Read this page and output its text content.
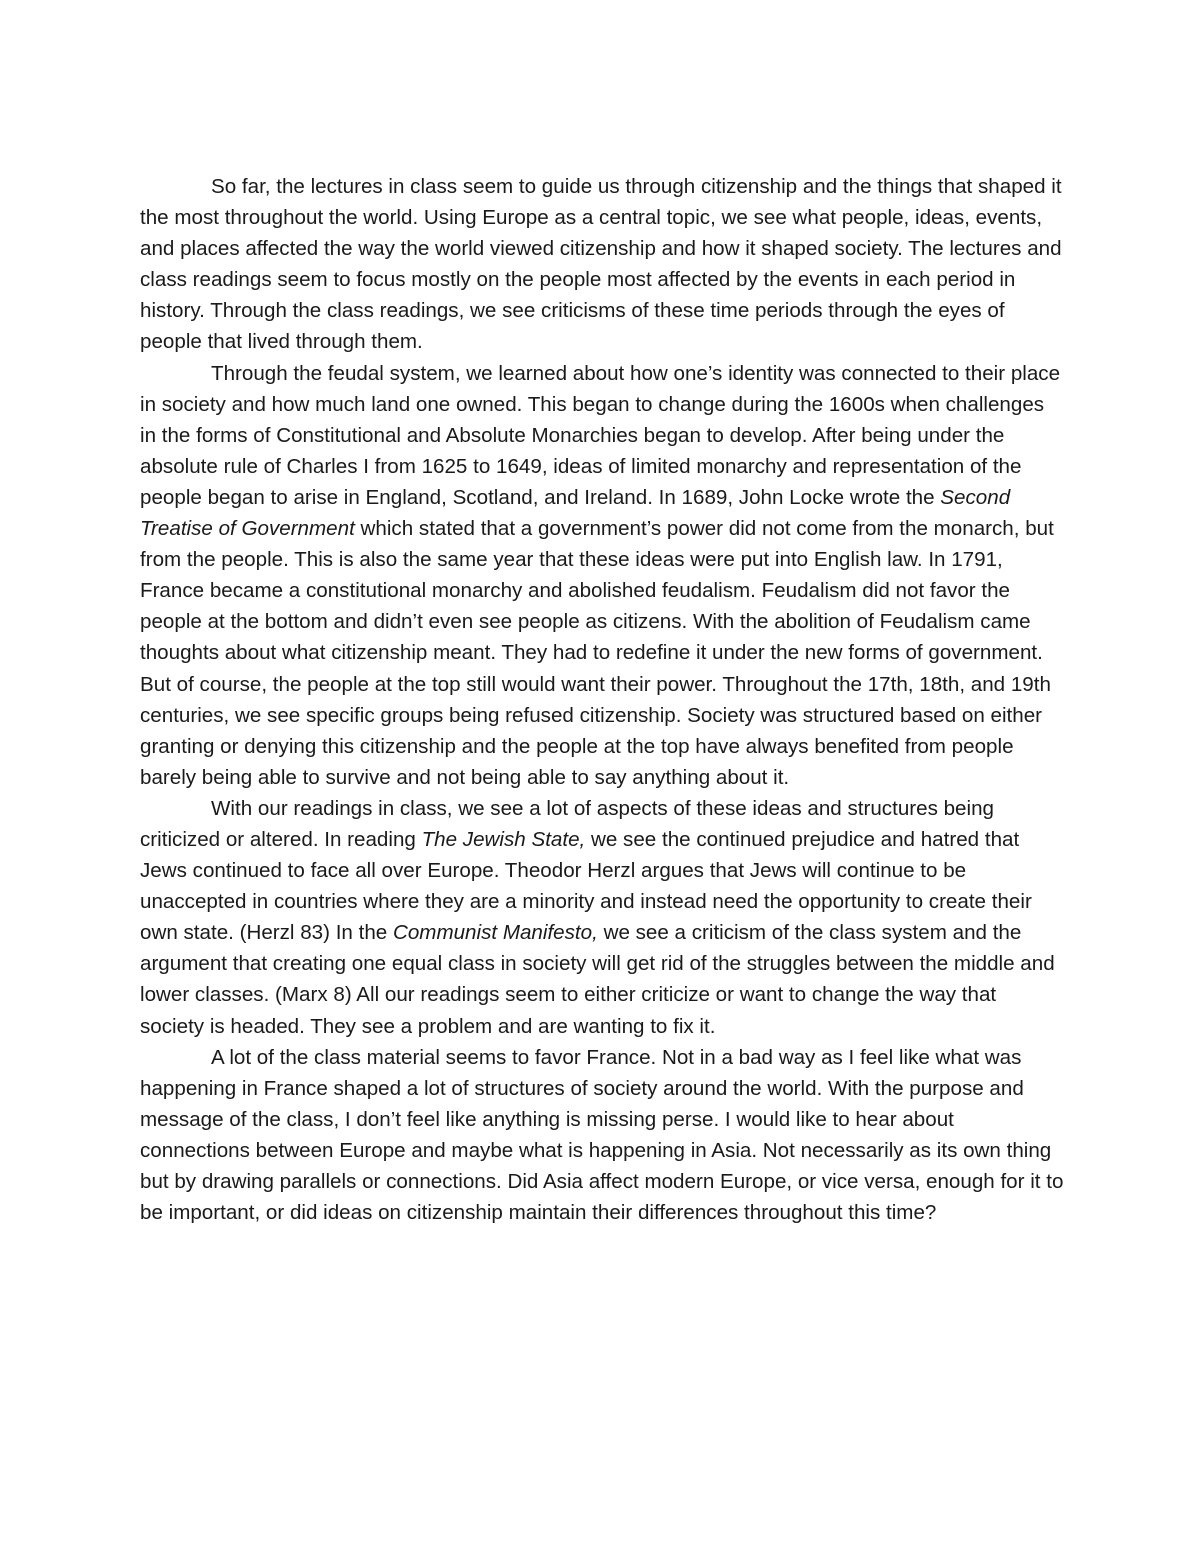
So far, the lectures in class seem to guide us through citizenship and the things that shaped it the most throughout the world. Using Europe as a central topic, we see what people, ideas, events, and places affected the way the world viewed citizenship and how it shaped society. The lectures and class readings seem to focus mostly on the people most affected by the events in each period in history. Through the class readings, we see criticisms of these time periods through the eyes of people that lived through them.

Through the feudal system, we learned about how one’s identity was connected to their place in society and how much land one owned. This began to change during the 1600s when challenges in the forms of Constitutional and Absolute Monarchies began to develop. After being under the absolute rule of Charles I from 1625 to 1649, ideas of limited monarchy and representation of the people began to arise in England, Scotland, and Ireland. In 1689, John Locke wrote the Second Treatise of Government which stated that a government’s power did not come from the monarch, but from the people. This is also the same year that these ideas were put into English law. In 1791, France became a constitutional monarchy and abolished feudalism. Feudalism did not favor the people at the bottom and didn’t even see people as citizens. With the abolition of Feudalism came thoughts about what citizenship meant. They had to redefine it under the new forms of government. But of course, the people at the top still would want their power. Throughout the 17th, 18th, and 19th centuries, we see specific groups being refused citizenship. Society was structured based on either granting or denying this citizenship and the people at the top have always benefited from people barely being able to survive and not being able to say anything about it.

With our readings in class, we see a lot of aspects of these ideas and structures being criticized or altered. In reading The Jewish State, we see the continued prejudice and hatred that Jews continued to face all over Europe. Theodor Herzl argues that Jews will continue to be unaccepted in countries where they are a minority and instead need the opportunity to create their own state. (Herzl 83) In the Communist Manifesto, we see a criticism of the class system and the argument that creating one equal class in society will get rid of the struggles between the middle and lower classes. (Marx 8) All our readings seem to either criticize or want to change the way that society is headed. They see a problem and are wanting to fix it.

A lot of the class material seems to favor France. Not in a bad way as I feel like what was happening in France shaped a lot of structures of society around the world. With the purpose and message of the class, I don’t feel like anything is missing perse. I would like to hear about connections between Europe and maybe what is happening in Asia. Not necessarily as its own thing but by drawing parallels or connections. Did Asia affect modern Europe, or vice versa, enough for it to be important, or did ideas on citizenship maintain their differences throughout this time?
